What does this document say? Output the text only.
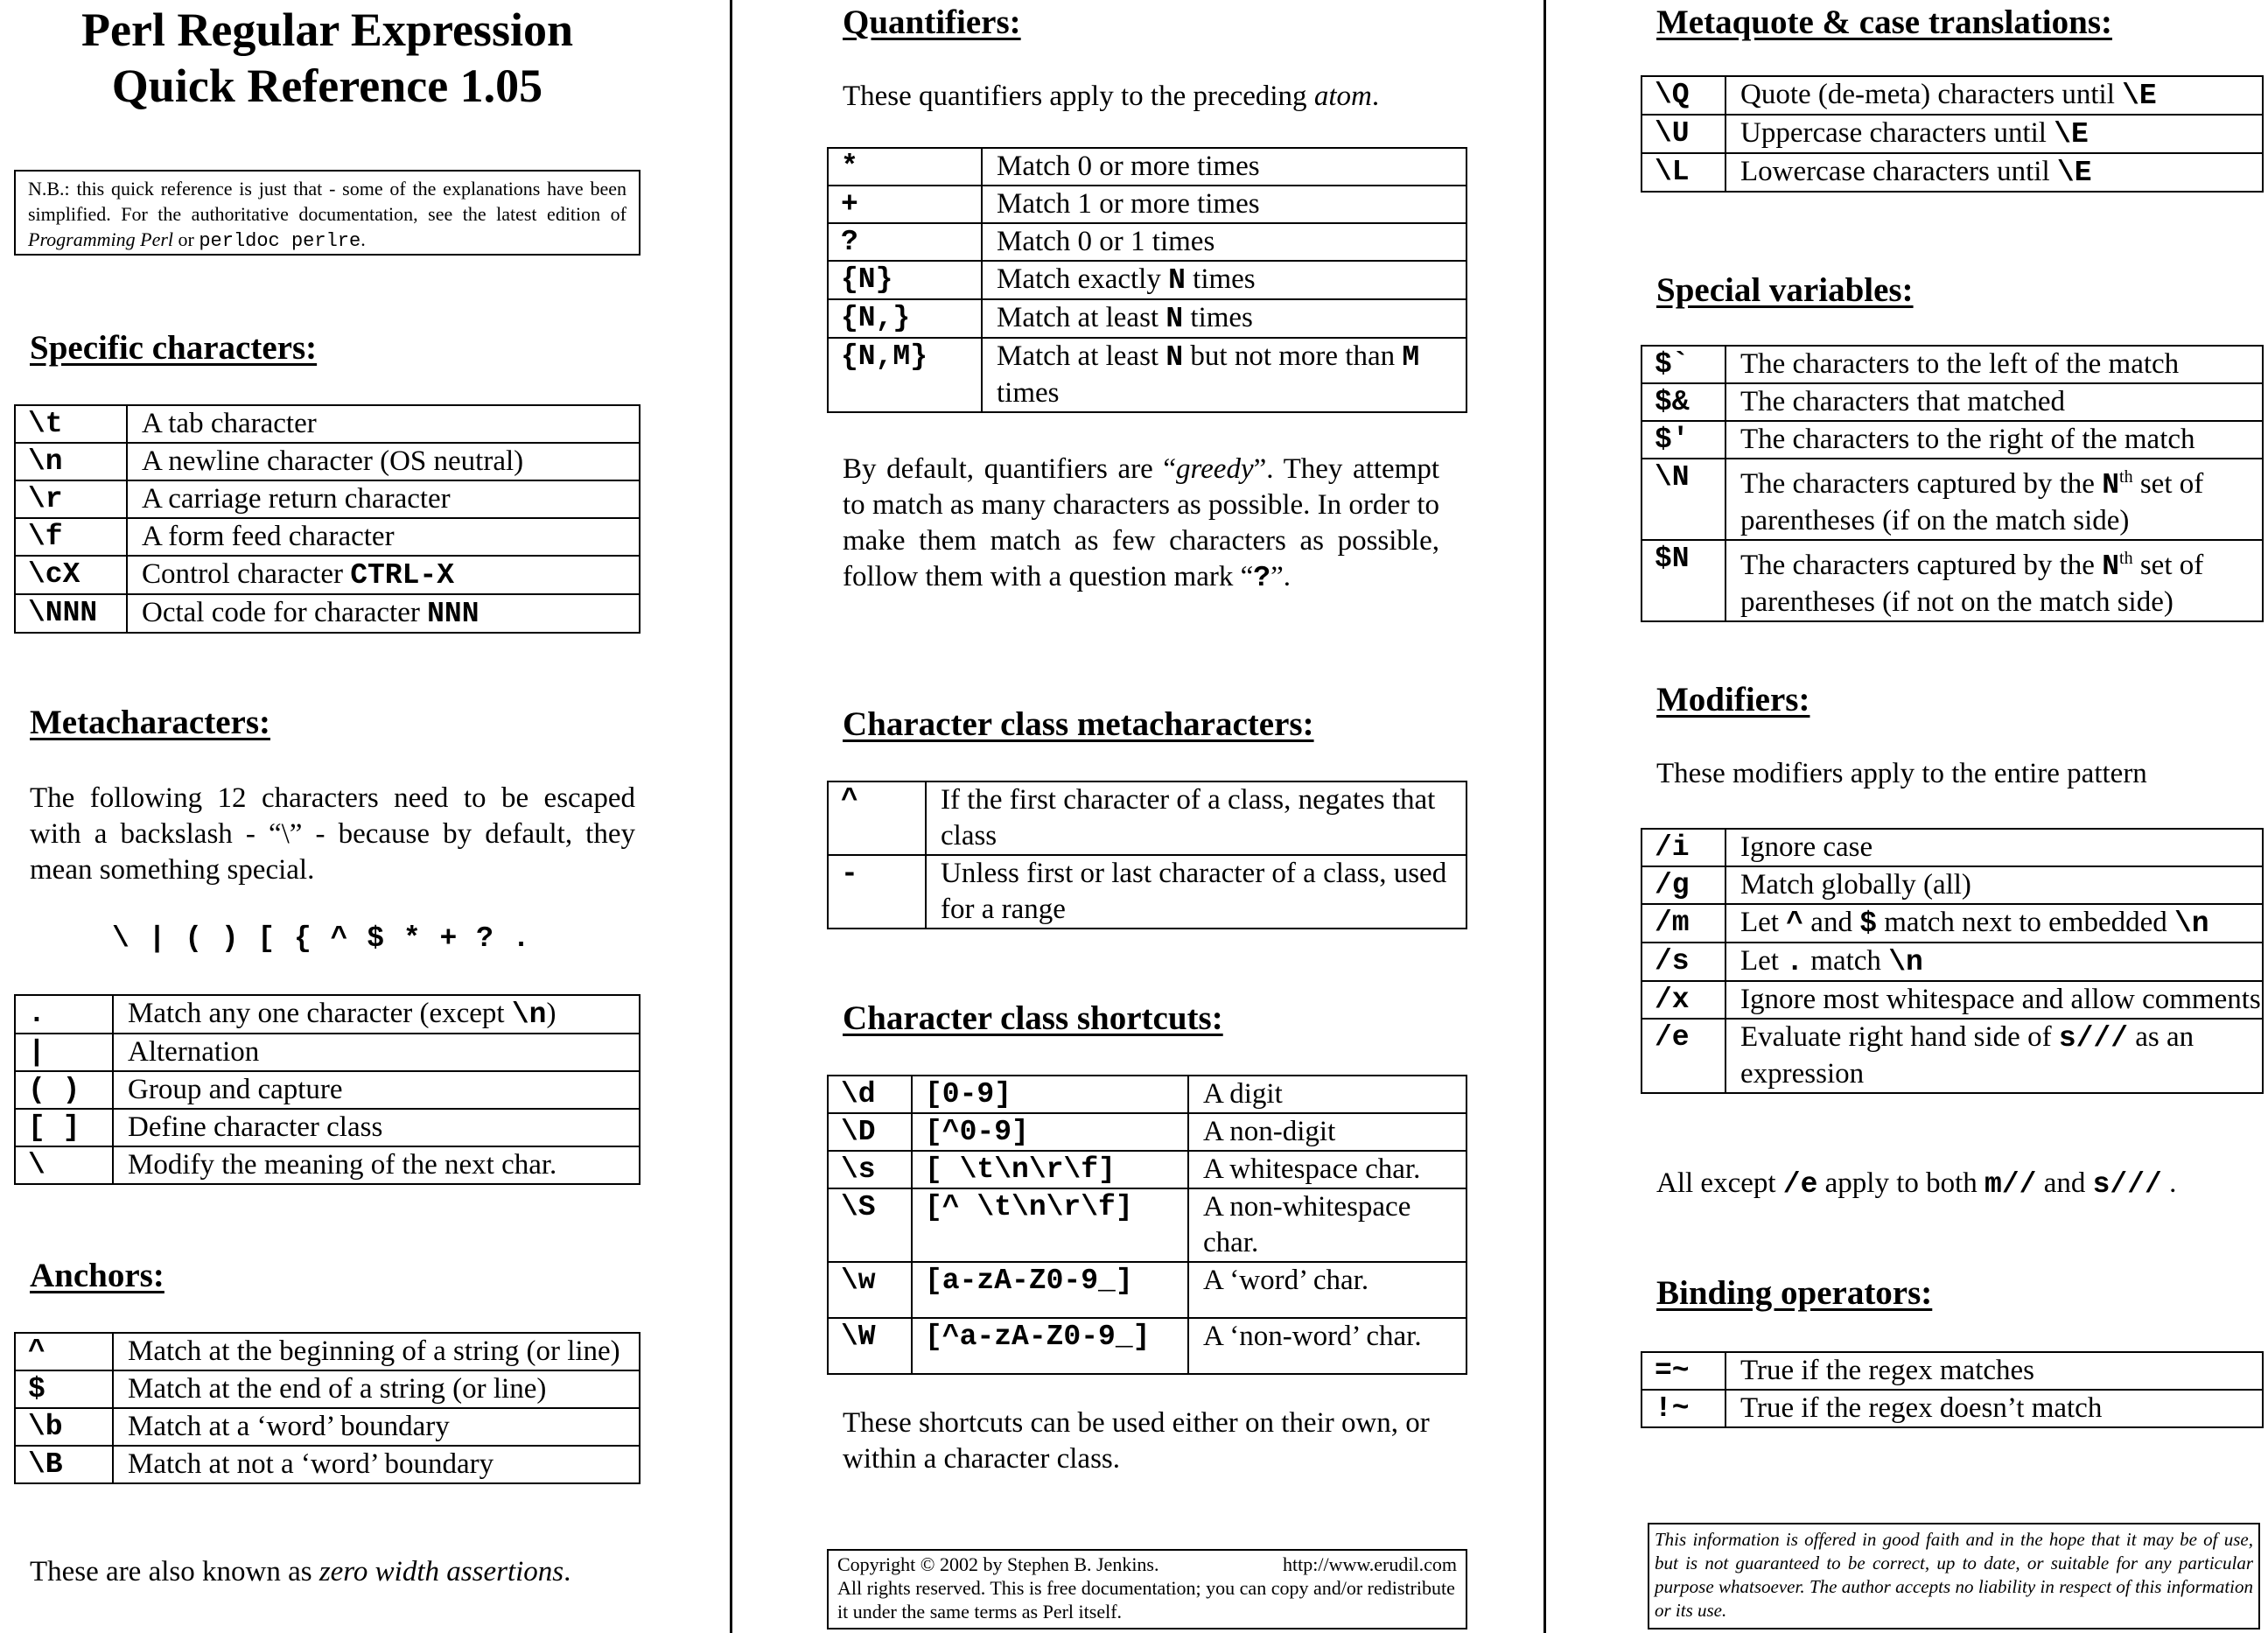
Perl Regular Expression
Quick Reference 1.05
N.B.: this quick reference is just that - some of the explanations have been simplified. For the authoritative documentation, see the latest edition of Programming Perl or perldoc perlre.
Specific characters:
\t	A tab character
\n	A newline character (OS neutral)
\r	A carriage return character
\f	A form feed character
\cX	Control character CTRL-X
\NNN	Octal code for character NNN
Metacharacters:
The following 12 characters need to be escaped with a backslash - “\” - because by default, they mean something special.
\ | ( ) [ { ^ $ * + ? .
.	Match any one character (except \n)
|	Alternation
( )	Group and capture
[ ]	Define character class
\	Modify the meaning of the next char.
Anchors:
^	Match at the beginning of a string (or line)
$	Match at the end of a string (or line)
\b	Match at a ‘word’ boundary
\B	Match at not a ‘word’ boundary
These are also known as zero width assertions.
Quantifiers:
These quantifiers apply to the preceding atom.
*	Match 0 or more times
+	Match 1 or more times
?	Match 0 or 1 times
{N}	Match exactly N times
{N,}	Match at least N times
{N,M}	Match at least N but not more than M times
By default, quantifiers are “greedy”. They attempt to match as many characters as possible. In order to make them match as few characters as possible, follow them with a question mark “?”.
Character class metacharacters:
^	If the first character of a class, negates that class
-	Unless first or last character of a class, used for a range
Character class shortcuts:
\d	[0-9]	A digit
\D	[^0-9]	A non-digit
\s	[ \t\n\r\f]	A whitespace char.
\S	[^ \t\n\r\f]	A non-whitespace char.
\w	[a-zA-Z0-9_]	A ‘word’ char.
\W	[^a-zA-Z0-9_]	A ‘non-word’ char.
These shortcuts can be used either on their own, or within a character class.
Copyright © 2002 by Stephen B. Jenkins.	http://www.erudil.com
All rights reserved. This is free documentation; you can copy and/or redistribute it under the same terms as Perl itself.
Metaquote & case translations:
\Q	Quote (de-meta) characters until \E
\U	Uppercase characters until \E
\L	Lowercase characters until \E
Special variables:
$`	The characters to the left of the match
$&	The characters that matched
$'	The characters to the right of the match
\N	The characters captured by the $N^{th}$ set of parentheses (if on the match side)
$N	The characters captured by the $N^{th}$ set of parentheses (if not on the match side)
Modifiers:
These modifiers apply to the entire pattern
/i	Ignore case
/g	Match globally (all)
/m	Let ^ and $ match next to embedded \n
/s	Let . match \n
/x	Ignore most whitespace and allow comments
/e	Evaluate right hand side of s/// as an expression
All except /e apply to both m// and s/// .
Binding operators:
=~	True if the regex matches
!~	True if the regex doesn’t match
This information is offered in good faith and in the hope that it may be of use, but is not guaranteed to be correct, up to date, or suitable for any particular purpose whatsoever. The author accepts no liability in respect of this information or its use.
